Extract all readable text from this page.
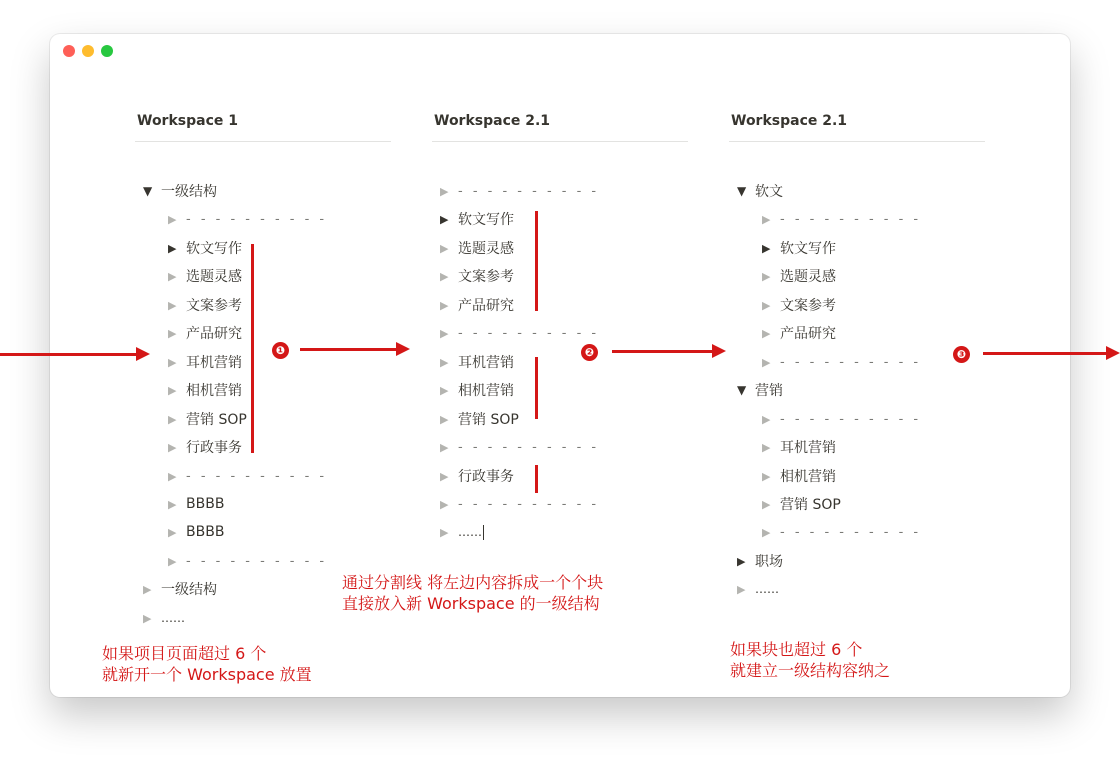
Workspace 1	Workspace 2.1	Workspace 2.1
▼ 一级结构
▶ - - - - - - - - - -
▶ 软文写作
▶ 选题灵感
▶ 文案参考
▶ 产品研究
▶ 耳机营销
▶ 相机营销
▶ 营销 SOP
▶ 行政事务
▶ - - - - - - - - - -
▶ BBBB
▶ BBBB
▶ - - - - - - - - - -
▶ 一级结构
▶ ……
▶ - - - - - - - - - -
▶ 软文写作
▶ 选题灵感
▶ 文案参考
▶ 产品研究
▶ - - - - - - - - - -
▶ 耳机营销
▶ 相机营销
▶ 营销 SOP
▶ - - - - - - - - - -
▶ 行政事务
▶ - - - - - - - - - -
▶ ……
▼ 软文
▶ - - - - - - - - - -
▶ 软文写作
▶ 选题灵感
▶ 文案参考
▶ 产品研究
▶ - - - - - - - - - -
▼ 营销
▶ - - - - - - - - - -
▶ 耳机营销
▶ 相机营销
▶ 营销 SOP
▶ - - - - - - - - - -
▶ 职场
▶ ……
❶	❷	❸
如果项目页面超过 6 个
就新开一个 Workspace 放置
通过分割线 将左边内容拆成一个个块
直接放入新 Workspace 的一级结构
如果块也超过 6 个
就建立一级结构容纳之
